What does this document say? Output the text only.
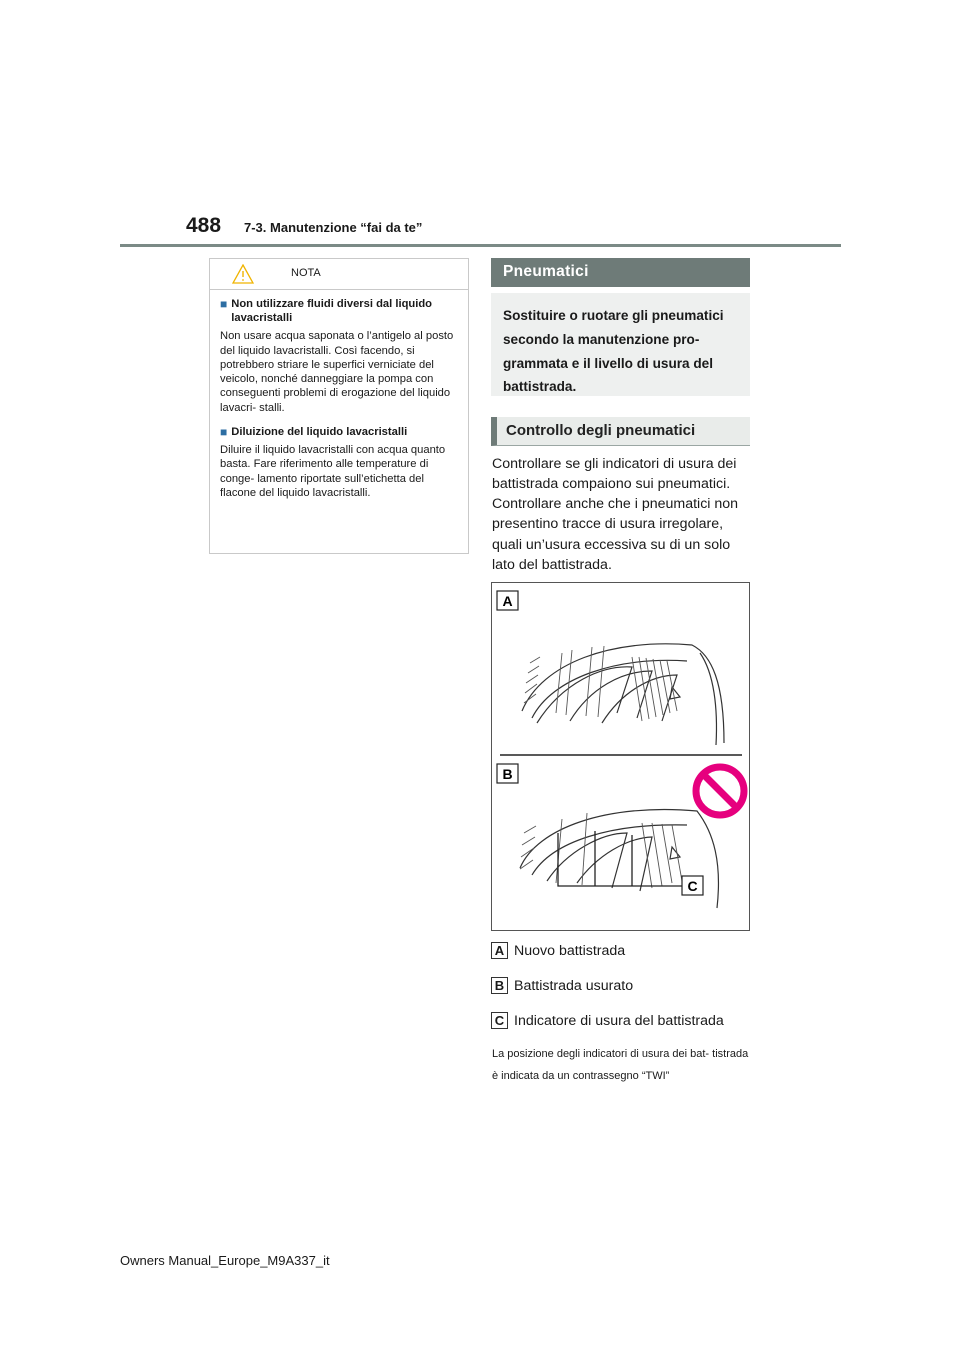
488 7-3. Manutenzione “fai da te”
NOTA
■ Non utilizzare fluidi diversi dal liquido lavacristalli
Non usare acqua saponata o l’antigelo al posto del liquido lavacristalli. Così facendo, si potrebbero striare le superfici verniciate del veicolo, nonché danneggiare la pompa con conseguenti problemi di erogazione del liquido lavacri- stalli.
■ Diluizione del liquido lavacristalli
Diluire il liquido lavacristalli con acqua quanto basta. Fare riferimento alle temperature di conge- lamento riportate sull’etichetta del flacone del liquido lavacristalli.
Pneumatici
Sostituire o ruotare gli pneumatici secondo la manutenzione pro- grammata e il livello di usura del battistrada.
Controllo degli pneumatici
Controllare se gli indicatori di usura dei battistrada compaiono sui pneumatici. Controllare anche che i pneumatici non presentino tracce di usura irregolare, quali un’usura eccessiva su di un solo lato del battistrada.
A
B
C
A Nuovo battistrada
B Battistrada usurato
C Indicatore di usura del battistrada
La posizione degli indicatori di usura dei bat- tistrada è indicata da un contrassegno “TWI”
Owners Manual_Europe_M9A337_it
